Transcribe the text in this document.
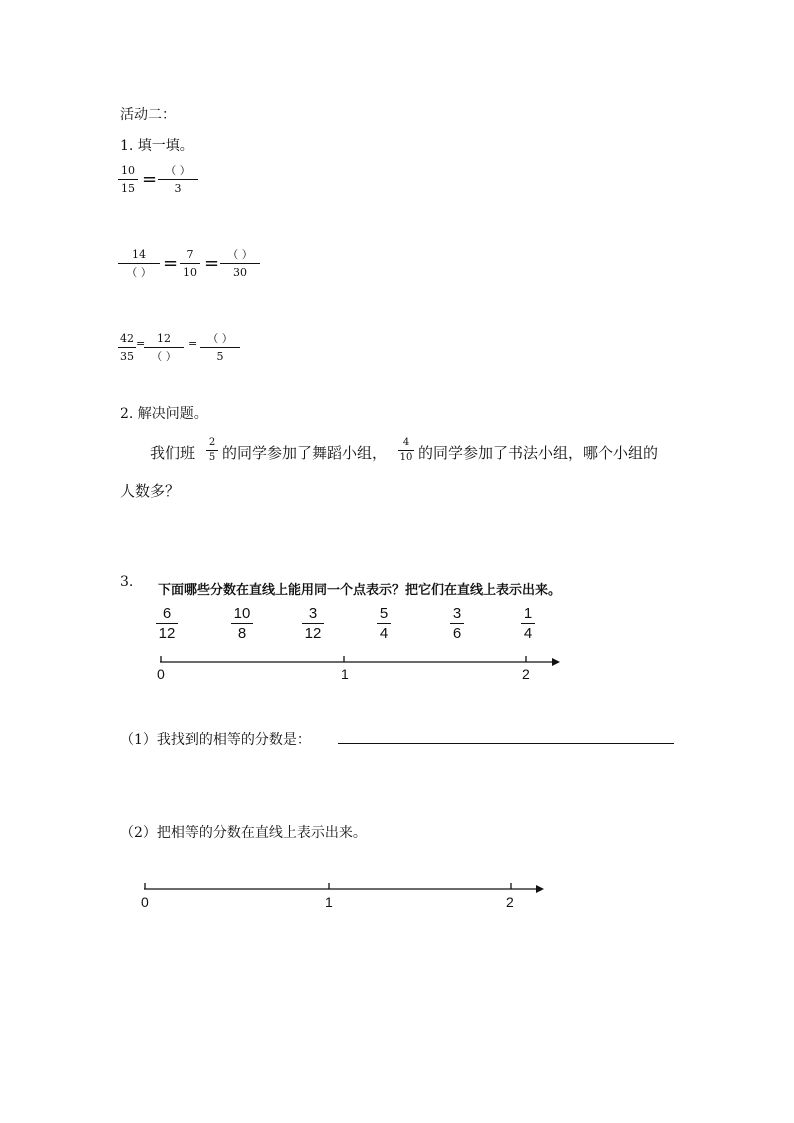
活动二：
1. 填一填。
10
15 = （ ）
3
14
（ ） = 7
10 = （ ）
30
42
35
= 12
（ ）
= （ ）
5
2. 解决问题。
我们班
2
5 的同学参加了舞蹈小组，
4
10 的同学参加了书法小组，哪个小组的
人数多？
3.
下面哪些分数在直线上能用同一个点表示？把它们在直线上表示出来。
6
12
10
8
3
12
5
4
3
6
1
4
0	1	2
（1）我找到的相等的分数是：
（2）把相等的分数在直线上表示出来。
0	1	2
